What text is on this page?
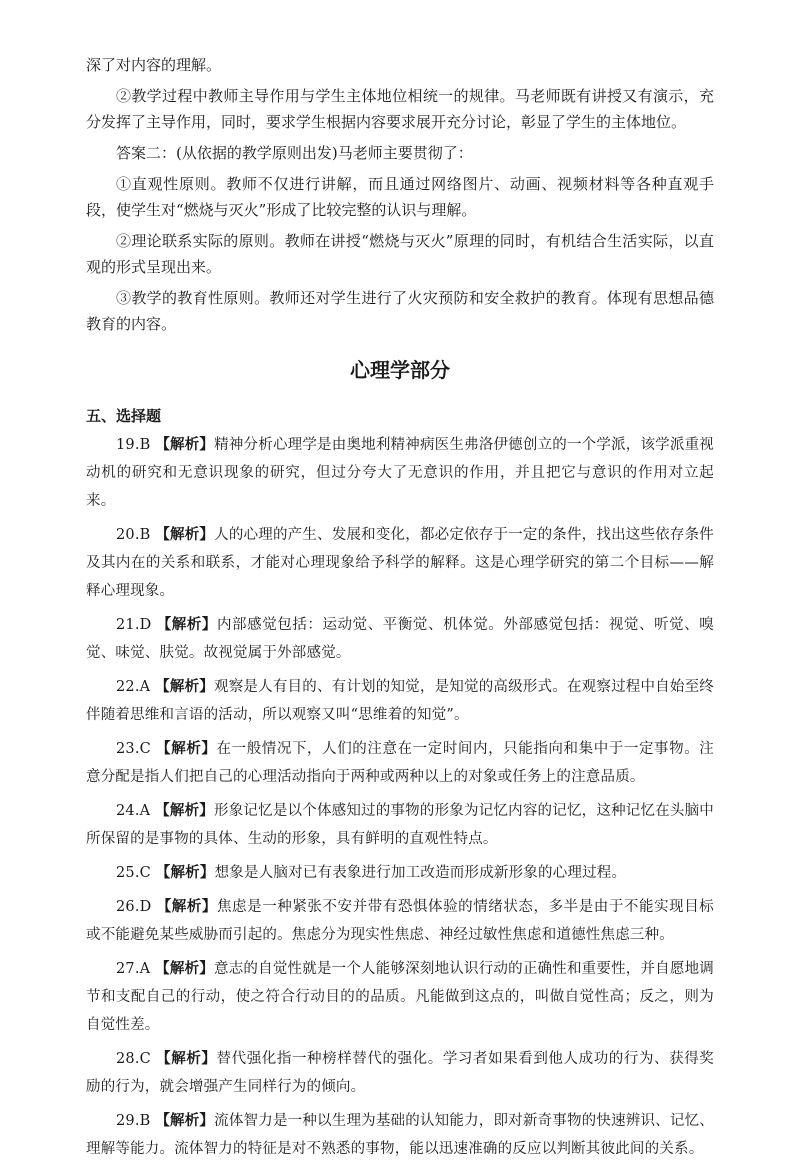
深了对内容的理解。

②教学过程中教师主导作用与学生主体地位相统一的规律。马老师既有讲授又有演示，充分发挥了主导作用，同时，要求学生根据内容要求展开充分讨论，彰显了学生的主体地位。

答案二：(从依据的教学原则出发)马老师主要贯彻了：

①直观性原则。教师不仅进行讲解，而且通过网络图片、动画、视频材料等各种直观手段，使学生对“燃烧与灭火”形成了比较完整的认识与理解。

②理论联系实际的原则。教师在讲授“燃烧与灭火”原理的同时，有机结合生活实际，以直观的形式呈现出来。

③教学的教育性原则。教师还对学生进行了火灾预防和安全救护的教育。体现有思想品德教育的内容。

心理学部分
五、选择题

19.B 【解析】精神分析心理学是由奥地利精神病医生弗洛伊德创立的一个学派，该学派重视动机的研究和无意识现象的研究，但过分夸大了无意识的作用，并且把它与意识的作用对立起来。

20.B 【解析】人的心理的产生、发展和变化，都必定依存于一定的条件，找出这些依存条件及其内在的关系和联系，才能对心理现象给予科学的解释。这是心理学研究的第二个目标——解释心理现象。

21.D 【解析】内部感觉包括：运动觉、平衡觉、机体觉。外部感觉包括：视觉、听觉、嗅觉、味觉、肤觉。故视觉属于外部感觉。

22.A 【解析】观察是人有目的、有计划的知觉，是知觉的高级形式。在观察过程中自始至终伴随着思维和言语的活动，所以观察又叫“思维着的知觉”。

23.C 【解析】在一般情况下，人们的注意在一定时间内，只能指向和集中于一定事物。注意分配是指人们把自己的心理活动指向于两种或两种以上的对象或任务上的注意品质。

24.A 【解析】形象记忆是以个体感知过的事物的形象为记忆内容的记忆，这种记忆在头脑中所保留的是事物的具体、生动的形象，具有鲜明的直观性特点。

25.C 【解析】想象是人脑对已有表象进行加工改造而形成新形象的心理过程。

26.D 【解析】焦虑是一种紧张不安并带有恐惧体验的情绪状态，多半是由于不能实现目标或不能避免某些威胁而引起的。焦虑分为现实性焦虑、神经过敏性焦虑和道德性焦虑三种。

27.A 【解析】意志的自觉性就是一个人能够深刻地认识行动的正确性和重要性，并自愿地调节和支配自己的行动，使之符合行动目的的品质。凡能做到这点的，叫做自觉性高；反之，则为自觉性差。

28.C 【解析】替代强化指一种榜样替代的强化。学习者如果看到他人成功的行为、获得奖励的行为，就会增强产生同样行为的倾向。

29.B 【解析】流体智力是一种以生理为基础的认知能力，即对新奇事物的快速辨识、记忆、理解等能力。流体智力的特征是对不熟悉的事物，能以迅速准确的反应以判断其彼此间的关系。
